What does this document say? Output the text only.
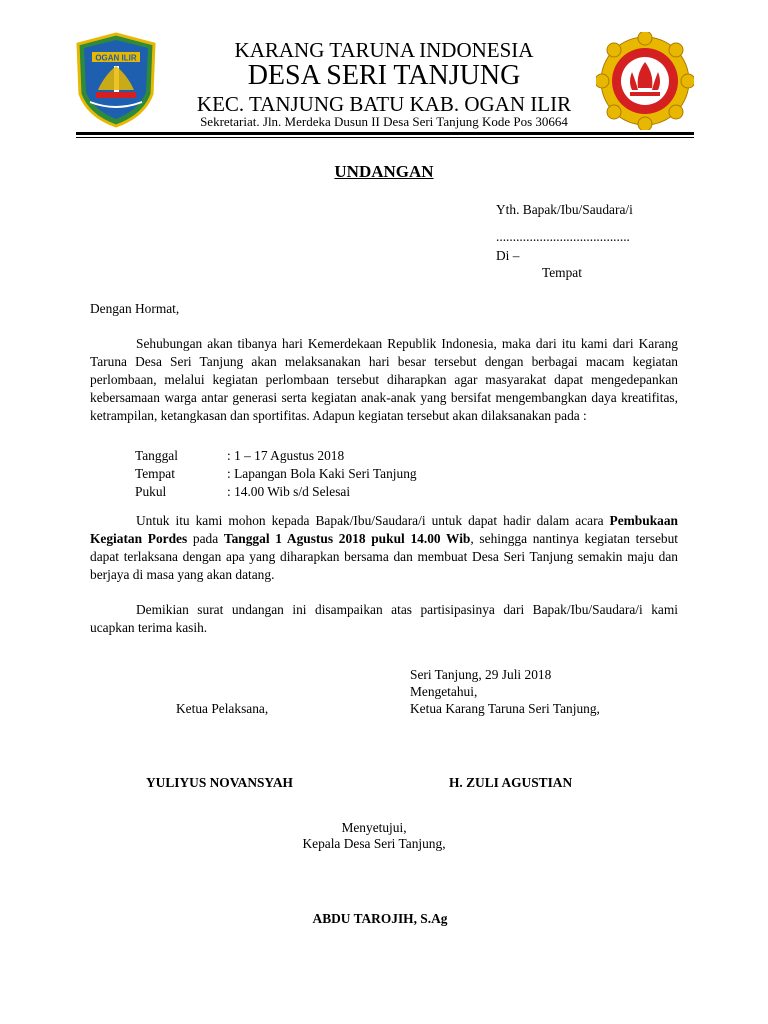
OGAN ILIR	KARANG TARUNA INDONESIA
DESA SERI TANJUNG
KEC. TANJUNG BATU KAB. OGAN ILIR
Sekretariat. Jln. Merdeka Dusun II Desa Seri Tanjung Kode Pos 30664
UNDANGAN
Yth. Bapak/Ibu/Saudara/i
........................................
Di –
Tempat
Dengan Hormat,
Sehubungan akan tibanya hari Kemerdekaan Republik Indonesia, maka dari itu kami dari Karang Taruna Desa Seri Tanjung akan melaksanakan hari besar tersebut dengan berbagai macam kegiatan perlombaan, melalui kegiatan perlombaan tersebut diharapkan agar masyarakat dapat mengedepankan kebersamaan warga antar generasi serta kegiatan anak-anak yang bersifat mengembangkan daya kreatifitas, ketrampilan, ketangkasan dan sportifitas. Adapun kegiatan tersebut akan dilaksanakan pada :
Tanggal	: 1 – 17 Agustus 2018
Tempat	: Lapangan Bola Kaki Seri Tanjung
Pukul	: 14.00 Wib s/d Selesai
Untuk itu kami mohon kepada Bapak/Ibu/Saudara/i untuk dapat hadir dalam acara Pembukaan Kegiatan Pordes pada Tanggal 1 Agustus 2018 pukul 14.00 Wib, sehingga nantinya kegiatan tersebut dapat terlaksana dengan apa yang diharapkan bersama dan membuat Desa Seri Tanjung semakin maju dan berjaya di masa yang akan datang.
Demikian surat undangan ini disampaikan atas partisipasinya dari Bapak/Ibu/Saudara/i kami ucapkan terima kasih.
Seri Tanjung, 29 Juli 2018
Mengetahui,
Ketua Pelaksana,	Ketua Karang Taruna Seri Tanjung,
YULIYUS NOVANSYAH	H. ZULI AGUSTIAN
Menyetujui,
Kepala Desa Seri Tanjung,
ABDU TAROJIH, S.Ag
